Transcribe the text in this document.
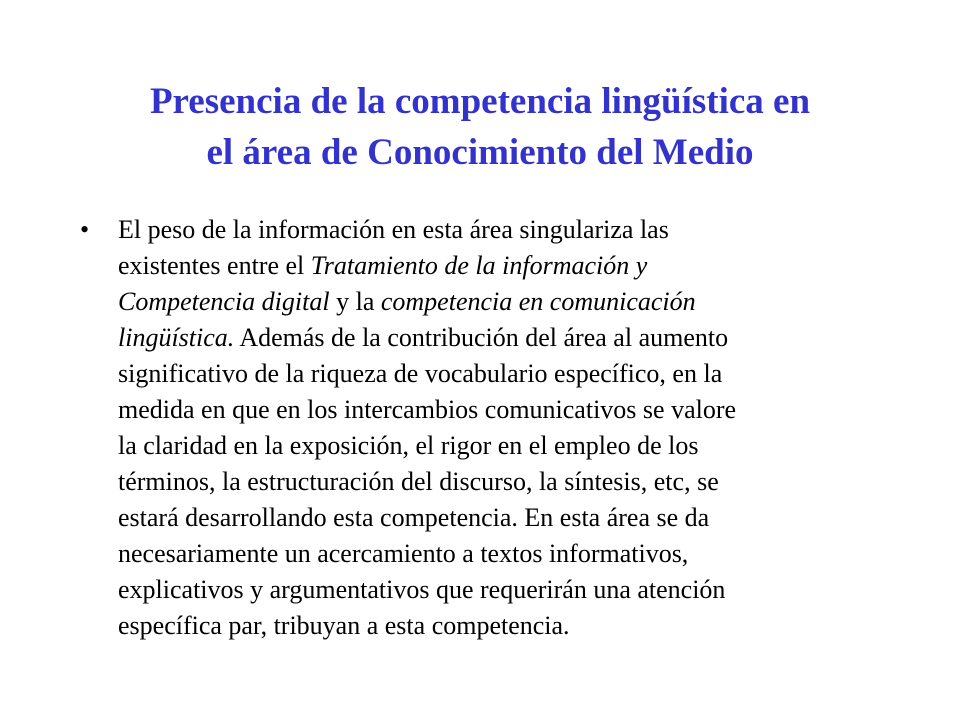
Presencia de la competencia lingüística en
el área de Conocimiento del Medio
•	El peso de la información en esta área singulariza las
existentes entre el Tratamiento de la información y
Competencia digital y la competencia en comunicación
lingüística. Además de la contribución del área al aumento
significativo de la riqueza de vocabulario específico, en la
medida en que en los intercambios comunicativos se valore
la claridad en la exposición, el rigor en el empleo de los
términos, la estructuración del discurso, la síntesis, etc, se
estará desarrollando esta competencia. En esta área se da
necesariamente un acercamiento a textos informativos,
explicativos y argumentativos que requerirán una atención
específica par, tribuyan a esta competencia.
